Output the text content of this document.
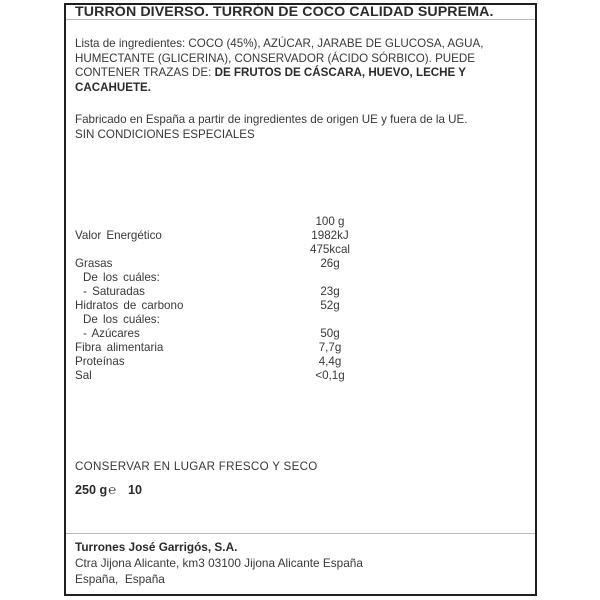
TURRÓN DIVERSO. TURRÓN DE COCO CALIDAD SUPREMA.
Lista de ingredientes: COCO (45%), AZÚCAR, JARABE DE GLUCOSA, AGUA, HUMECTANTE (GLICERINA), CONSERVADOR (ÁCIDO SÓRBICO). PUEDE CONTENER TRAZAS DE: DE FRUTOS DE CÁSCARA, HUEVO, LECHE Y CACAHUETE.
Fabricado en España a partir de ingredientes de origen UE y fuera de la UE.
SIN CONDICIONES ESPECIALES
100 g
Valor Energético	1982kJ
475kcal
Grasas	26g
De los cuáles:
- Saturadas	23g
Hidratos de carbono	52g
De los cuáles:
- Azúcares	50g
Fibra alimentaria	7,7g
Proteínas	4,4g
Sal	<0,1g
CONSERVAR EN LUGAR FRESCO Y SECO
250 g℮ 10
Turrones José Garrigós, S.A.
Ctra Jijona Alicante, km3 03100 Jijona Alicante España
España,  España
